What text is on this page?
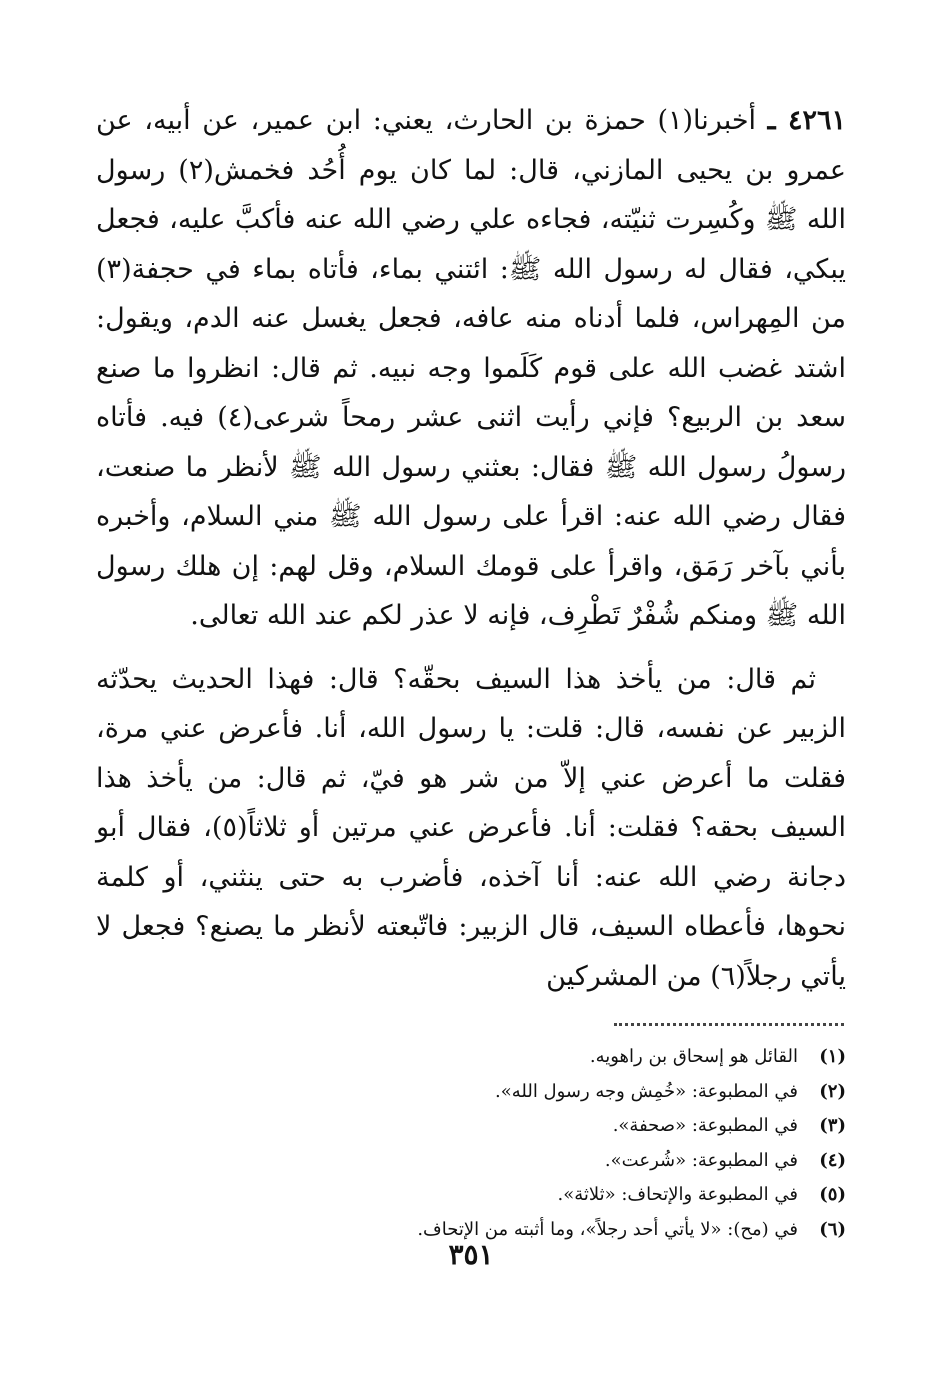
٤٢٦١ ـ أخبرنا(١) حمزة بن الحارث، يعني: ابن عمير، عن أبيه، عن عمرو بن يحيى المازني، قال: لما كان يوم أُحُد فخمش(٢) رسول الله ﷺ وكُسِرت ثنيّته، فجاءه علي رضي الله عنه فأكبَّ عليه، فجعل يبكي، فقال له رسول الله ﷺ: ائتني بماء، فأتاه بماء في حجفة(٣) من المِهراس، فلما أدناه منه عافه، فجعل يغسل عنه الدم، ويقول: اشتد غضب الله على قوم كَلَموا وجه نبيه. ثم قال: انظروا ما صنع سعد بن الربيع؟ فإني رأيت اثنى عشر رمحاً شرعى(٤) فيه. فأتاه رسولُ رسول الله ﷺ فقال: بعثني رسول الله ﷺ لأنظر ما صنعت، فقال رضي الله عنه: اقرأ على رسول الله ﷺ مني السلام، وأخبره بأني بآخر رَمَق، واقرأ على قومك السلام، وقل لهم: إن هلك رسول الله ﷺ ومنكم شُفْرٌ تَطْرِف، فإنه لا عذر لكم عند الله تعالى.

ثم قال: من يأخذ هذا السيف بحقّه؟ قال: فهذا الحديث يحدّثه الزبير عن نفسه، قال: قلت: يا رسول الله، أنا. فأعرض عني مرة، فقلت ما أعرض عني إلاّ من شر هو فيّ، ثم قال: من يأخذ هذا السيف بحقه؟ فقلت: أنا. فأعرض عني مرتين أو ثلاثاً(٥)، فقال أبو دجانة رضي الله عنه: أنا آخذه، فأضرب به حتى ينثني، أو كلمة نحوها، فأعطاه السيف، قال الزبير: فاتّبعته لأنظر ما يصنع؟ فجعل لا يأتي رجلاً(٦) من المشركين

(١)
القائل هو إسحاق بن راهويه.
(٢)
في المطبوعة: «خُمِش وجه رسول الله».
(٣)
في المطبوعة: «صحفة».
(٤)
في المطبوعة: «شُرعت».
(٥)
في المطبوعة والإتحاف: «ثلاثة».
(٦)
في (مح): «لا يأتي أحد رجلاً»، وما أثبته من الإتحاف.
٣٥١
